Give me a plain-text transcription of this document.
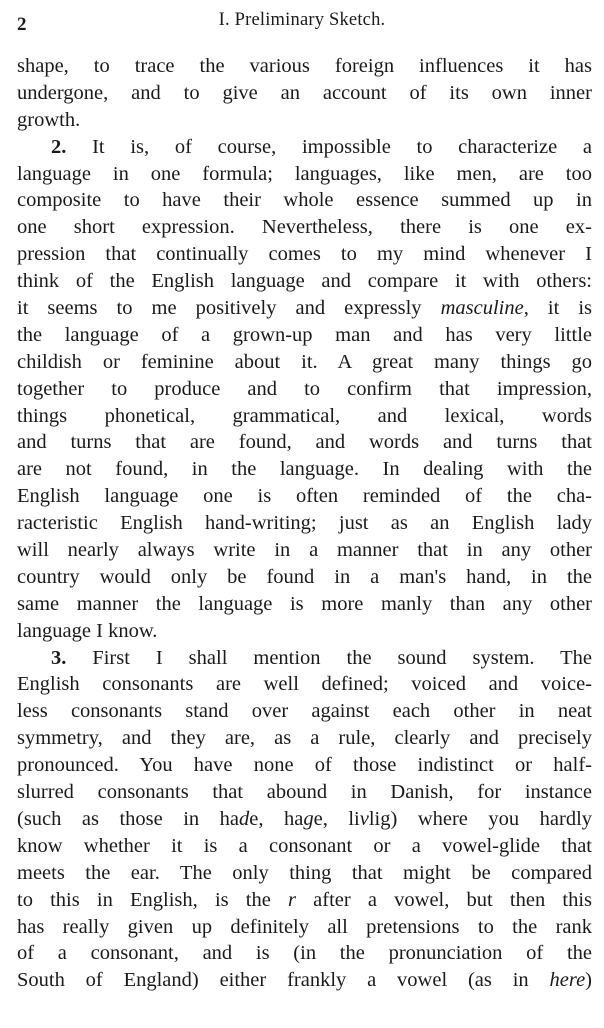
2	I. Preliminary Sketch.
shape, to trace the various foreign influences it has
undergone, and to give an account of its own inner
growth.
2. It is, of course, impossible to characterize a
language in one formula; languages, like men, are too
composite to have their whole essence summed up in
one short expression. Nevertheless, there is one ex-
pression that continually comes to my mind whenever I
think of the English language and compare it with others:
it seems to me positively and expressly masculine, it is
the language of a grown-up man and has very little
childish or feminine about it. A great many things go
together to produce and to confirm that impression,
things phonetical, grammatical, and lexical, words
and turns that are found, and words and turns that
are not found, in the language. In dealing with the
English language one is often reminded of the cha-
racteristic English hand-writing; just as an English lady
will nearly always write in a manner that in any other
country would only be found in a man's hand, in the
same manner the language is more manly than any other
language I know.
3. First I shall mention the sound system. The
English consonants are well defined; voiced and voice-
less consonants stand over against each other in neat
symmetry, and they are, as a rule, clearly and precisely
pronounced. You have none of those indistinct or half-
slurred consonants that abound in Danish, for instance
(such as those in hade, hage, livlig) where you hardly
know whether it is a consonant or a vowel-glide that
meets the ear. The only thing that might be compared
to this in English, is the r after a vowel, but then this
has really given up definitely all pretensions to the rank
of a consonant, and is (in the pronunciation of the
South of England) either frankly a vowel (as in here)
